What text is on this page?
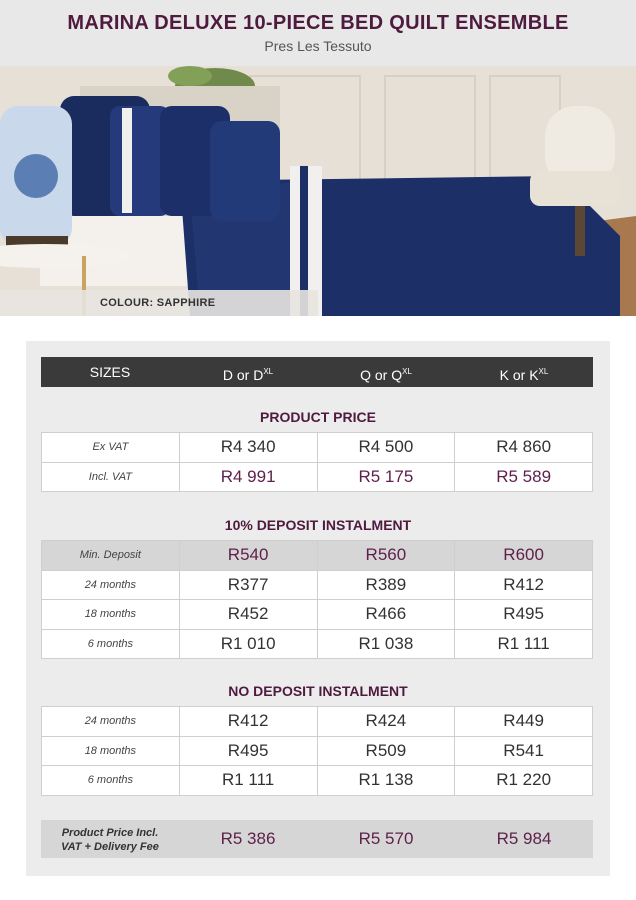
MARINA DELUXE 10-PIECE BED QUILT ENSEMBLE
Pres Les Tessuto
COLOUR: SAPPHIRE
SIZES	D or $D^{XL}$	Q or $Q^{XL}$	K or $K^{XL}$
PRODUCT PRICE
Ex VAT	R4 340	R4 500	R4 860
Incl. VAT	R4 991	R5 175	R5 589
10% DEPOSIT INSTALMENT
Min. Deposit	R540	R560	R600
24 months	R377	R389	R412
18 months	R452	R466	R495
6 months	R1 010	R1 038	R1 111
NO DEPOSIT INSTALMENT
24 months	R412	R424	R449
18 months	R495	R509	R541
6 months	R1 111	R1 138	R1 220
Product Price Incl.
VAT + Delivery Fee	R5 386	R5 570	R5 984
